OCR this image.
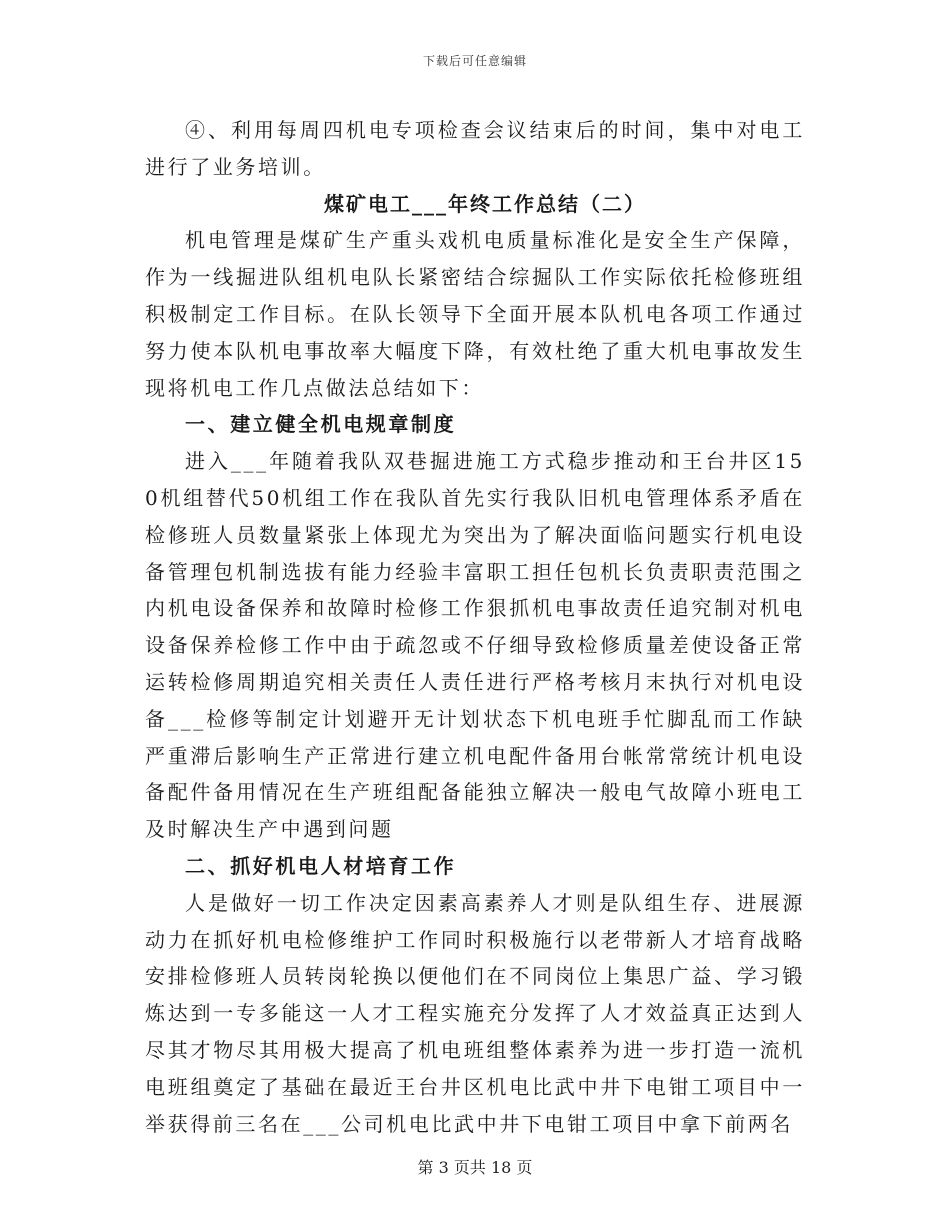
下载后可任意编辑

④、利用每周四机电专项检查会议结束后的时间，集中对电工进行了业务培训。

煤矿电工___年终工作总结（二）

机电管理是煤矿生产重头戏机电质量标准化是安全生产保障，作为一线掘进队组机电队长紧密结合综掘队工作实际依托检修班组积极制定工作目标。在队长领导下全面开展本队机电各项工作通过努力使本队机电事故率大幅度下降，有效杜绝了重大机电事故发生现将机电工作几点做法总结如下：

一、建立健全机电规章制度

进入___年随着我队双巷掘进施工方式稳步推动和王台井区150机组替代50机组工作在我队首先实行我队旧机电管理体系矛盾在检修班人员数量紧张上体现尤为突出为了解决面临问题实行机电设备管理包机制选拔有能力经验丰富职工担任包机长负责职责范围之内机电设备保养和故障时检修工作狠抓机电事故责任追究制对机电设备保养检修工作中由于疏忽或不仔细导致检修质量差使设备正常运转检修周期追究相关责任人责任进行严格考核月末执行对机电设备___检修等制定计划避开无计划状态下机电班手忙脚乱而工作缺严重滞后影响生产正常进行建立机电配件备用台帐常常统计机电设备配件备用情况在生产班组配备能独立解决一般电气故障小班电工及时解决生产中遇到问题

二、抓好机电人材培育工作

人是做好一切工作决定因素高素养人才则是队组生存、进展源动力在抓好机电检修维护工作同时积极施行以老带新人才培育战略安排检修班人员转岗轮换以便他们在不同岗位上集思广益、学习锻炼达到一专多能这一人才工程实施充分发挥了人才效益真正达到人尽其才物尽其用极大提高了机电班组整体素养为进一步打造一流机电班组奠定了基础在最近王台井区机电比武中井下电钳工项目中一举获得前三名在___公司机电比武中井下电钳工项目中拿下前两名

第 3 页共 18 页
